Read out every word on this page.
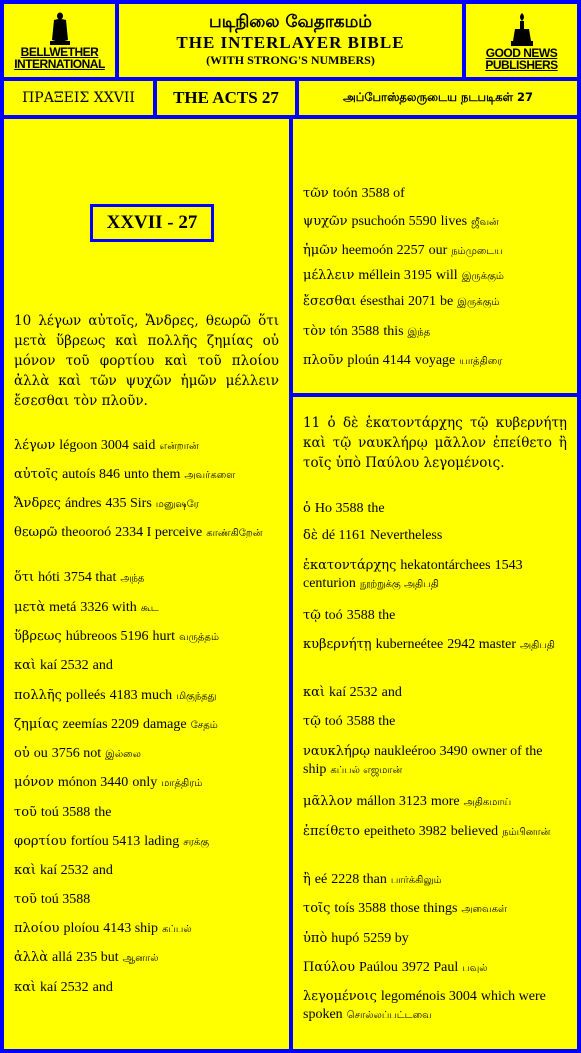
BELLWETHER
INTERNATIONAL
படிநிலை வேதாகமம்
THE INTERLAYER BIBLE
(WITH STRONG'S NUMBERS)
GOOD NEWS
PUBLISHERS
ΠΡΑΞΕΙΣ XXVII	THE ACTS 27	அப்போஸ்தலருடைய நடபடிகள் 27
XXVII - 27
10 λέγων αὐτοῖς, Ἄνδρες, θεωρῶ ὅτι μετὰ ὕβρεως καὶ πολλῆς ζημίας οὐ μόνον τοῦ φορτίου καὶ τοῦ πλοίου ἀλλὰ καὶ τῶν ψυχῶν ἡμῶν μέλλειν ἔσεσθαι τὸν πλοῦν.
λέγων légoon 3004 said என்றான்
αὐτοῖς autoís 846 unto them அவர்களை
Ἄνδρες ándres 435 Sirs மனுஷரே
θεωρῶ theooroó 2334 I perceive காண்கிறேன்
ὅτι hóti 3754 that அந்த
μετὰ metá 3326 with கூட
ὕβρεως húbreoos 5196 hurt வருத்தம்
καὶ kaí 2532 and
πολλῆς polleés 4183 much மிகுந்தது
ζημίας zeemías 2209 damage சேதம்
οὐ ou 3756 not இல்லை
μόνον mónon 3440 only மாத்திரம்
τοῦ toú 3588 the
φορτίου fortíou 5413 lading சரக்கு
καὶ kaí 2532 and
τοῦ toú 3588
πλοίου ploíou 4143 ship கப்பல்
ἀλλὰ allá 235 but ஆனால்
καὶ kaí 2532 and
τῶν toón 3588 of
ψυχῶν psuchoón 5590 lives ஜீவன்
ἡμῶν heemoón 2257 our நம்முடைய
μέλλειν méllein 3195 will இருக்கும்
ἔσεσθαι ésesthai 2071 be இருக்கும்
τὸν tón 3588 this இந்த
πλοῦν ploún 4144 voyage யாத்திரை
11 ὁ δὲ ἑκατοντάρχης τῷ κυβερνήτῃ καὶ τῷ ναυκλήρῳ μᾶλλον ἐπείθετο ἢ τοῖς ὑπὸ Παύλου λεγομένοις.
ὁ Ho 3588 the
δὲ dé 1161 Nevertheless
ἑκατοντάρχης hekatontárchees 1543 centurion நூற்றுக்கு அதிபதி
τῷ toó 3588 the
κυβερνήτῃ kuberneétee 2942 master அதிபதி
καὶ kaí 2532 and
τῷ toó 3588 the
ναυκλήρῳ naukleéroo 3490 owner of the ship கப்பல் எஜமான்
μᾶλλον mállon 3123 more அதிகமாய்
ἐπείθετο epeitheto 3982 believed நம்பினான்
ἢ eé 2228 than பார்க்கிலும்
τοῖς toís 3588 those things அவைகள்
ὑπὸ hupó 5259 by
Παύλου Paúlou 3972 Paul பவுல்
λεγομένοις legoménois 3004 which were spoken சொல்லப்பட்டவை
